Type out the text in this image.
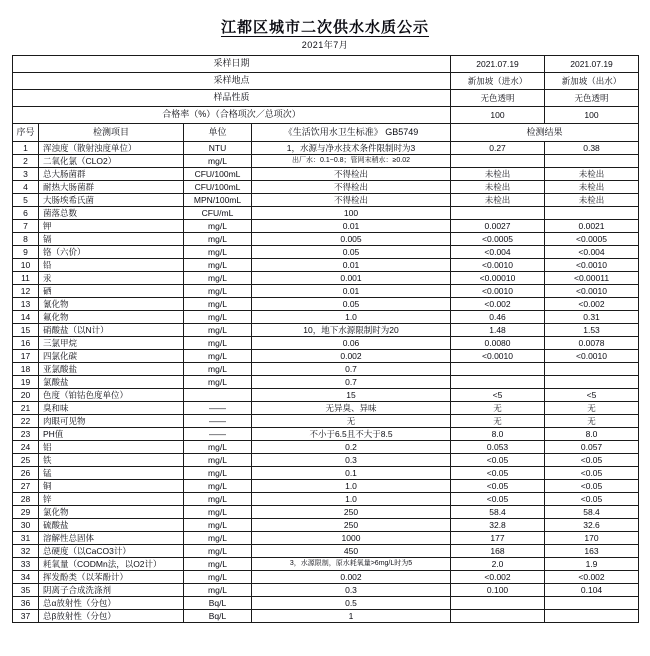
江都区城市二次供水水质公示
2021年7月
采样日期				2021.07.19	2021.07.19
采样地点				新加坡（进水）	新加坡（出水）
样品性质				无色透明	无色透明
合格率（%）（合格项次／总项次）				100	100
序号	检测项目	单位	《生活饮用水卫生标准》 GB5749	检测结果	
1	浑浊度（散射浊度单位）	NTU	1，水源与净水技术条件限制时为3	0.27	0.38
2	二氧化氯（CLO2）	mg/L	出厂水：0.1~0.8；管网末稍水：≥0.02		
3	总大肠菌群	CFU/100mL	不得检出	未检出	未检出
4	耐热大肠菌群	CFU/100mL	不得检出	未检出	未检出
5	大肠埃希氏菌	MPN/100mL	不得检出	未检出	未检出
6	菌落总数	CFU/mL	100		
7	钾	mg/L	0.01	0.0027	0.0021
8	镉	mg/L	0.005	<0.0005	<0.0005
9	铬（六价）	mg/L	0.05	<0.004	<0.004
10	铅	mg/L	0.01	<0.0010	<0.0010
11	汞	mg/L	0.001	<0.00010	<0.00011
12	硒	mg/L	0.01	<0.0010	<0.0010
13	氰化物	mg/L	0.05	<0.002	<0.002
14	氟化物	mg/L	1.0	0.46	0.31
15	硝酸盐（以N计）	mg/L	10，地下水源限制时为20	1.48	1.53
16	三氯甲烷	mg/L	0.06	0.0080	0.0078
17	四氯化碳	mg/L	0.002	<0.0010	<0.0010
18	亚氯酸盐	mg/L	0.7		
19	氯酸盐	mg/L	0.7		
20	色度（铂钴色度单位）		15	<5	<5
21	臭和味	——	无异臭、异味	无	无
22	肉眼可见物	——	无	无	无
23	PH值	——	不小于6.5且不大于8.5	8.0	8.0
24	铝	mg/L	0.2	0.053	0.057
25	铁	mg/L	0.3	<0.05	<0.05
26	锰	mg/L	0.1	<0.05	<0.05
27	铜	mg/L	1.0	<0.05	<0.05
28	锌	mg/L	1.0	<0.05	<0.05
29	氯化物	mg/L	250	58.4	58.4
30	硫酸盐	mg/L	250	32.8	32.6
31	溶解性总固体	mg/L	1000	177	170
32	总硬度（以CaCO3计）	mg/L	450	168	163
33	耗氧量（CODMn法，以O2计）	mg/L	3，水源限制，原水耗氧量>6mg/L时为5	2.0	1.9
34	挥发酚类（以苯酚计）	mg/L	0.002	<0.002	<0.002
35	阴离子合成洗涤剂	mg/L	0.3	0.100	0.104
36	总α放射性（分包）	Bq/L	0.5		
37	总β放射性（分包）	Bq/L	1		
